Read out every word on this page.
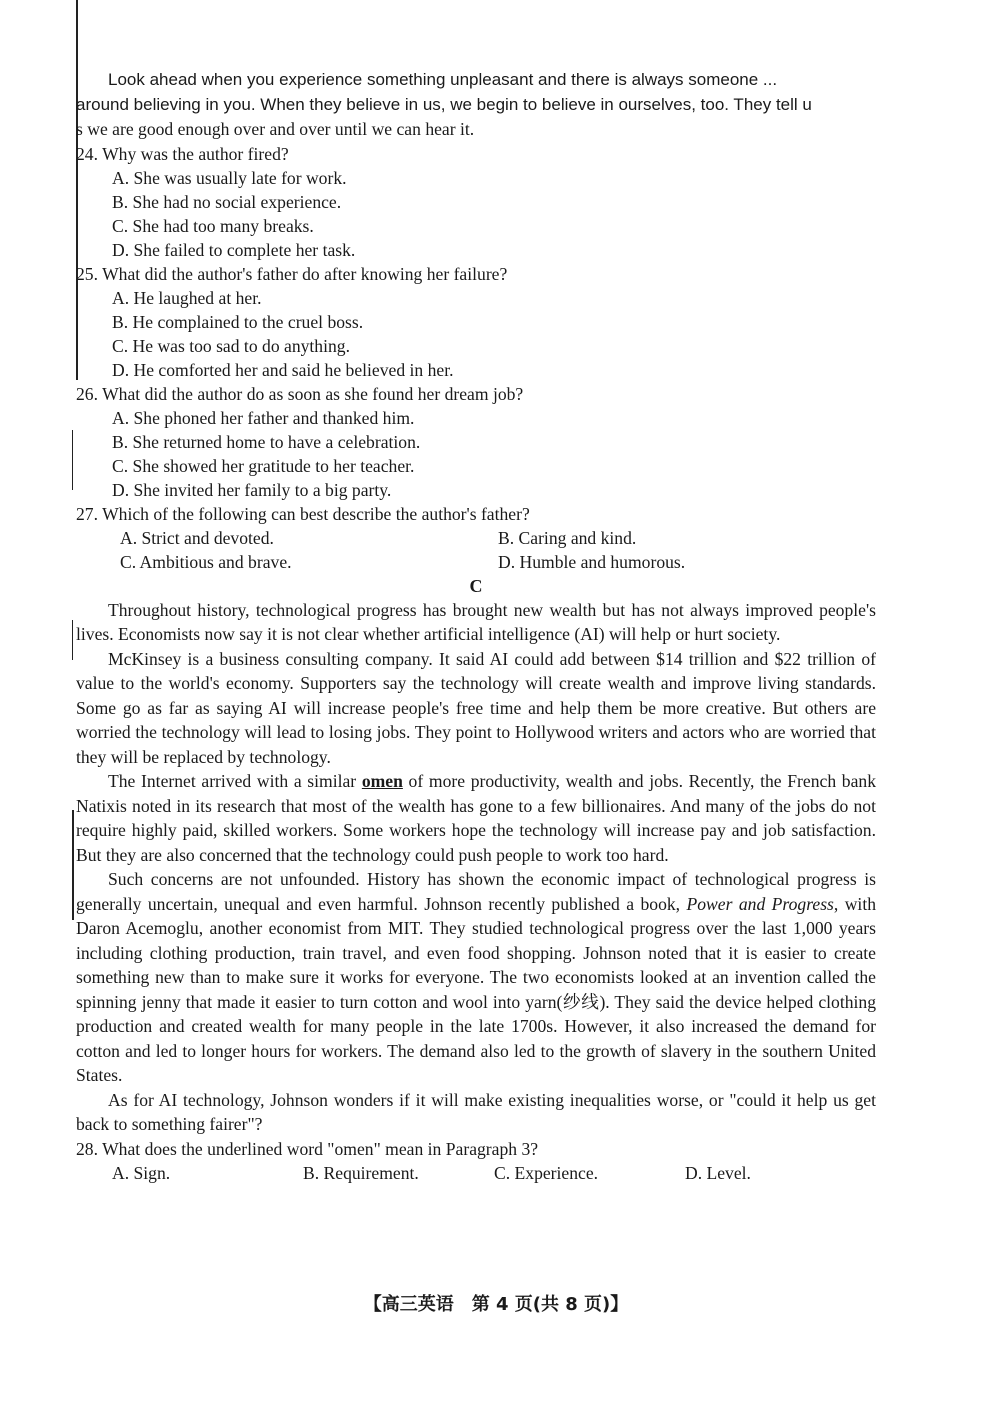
Look ahead when you experience something unpleasant and there is always someone ...

around believing in you. When they believe in us, we begin to believe in ourselves, too. They tell u

s we are good enough over and over until we can hear it.

24. Why was the author fired?

A. She was usually late for work.

B. She had no social experience.

C. She had too many breaks.

D. She failed to complete her task.

25. What did the author's father do after knowing her failure?

A. He laughed at her.

B. He complained to the cruel boss.

C. He was too sad to do anything.

D. He comforted her and said he believed in her.

26. What did the author do as soon as she found her dream job?

A. She phoned her father and thanked him.

B. She returned home to have a celebration.

C. She showed her gratitude to her teacher.

D. She invited her family to a big party.

27. Which of the following can best describe the author's father?

A. Strict and devoted.	B. Caring and kind.
C. Ambitious and brave.	D. Humble and humorous.

C

Throughout history, technological progress has brought new wealth but has not always improved people's lives. Economists now say it is not clear whether artificial intelligence (AI) will help or hurt society.

McKinsey is a business consulting company. It said AI could add between $14 trillion and $22 trillion of value to the world's economy. Supporters say the technology will create wealth and improve living standards. Some go as far as saying AI will increase people's free time and help them be more creative. But others are worried the technology will lead to losing jobs. They point to Hollywood writers and actors who are worried that they will be replaced by technology.

The Internet arrived with a similar omen of more productivity, wealth and jobs. Recently, the French bank Natixis noted in its research that most of the wealth has gone to a few billionaires. And many of the jobs do not require highly paid, skilled workers. Some workers hope the technology will increase pay and job satisfaction. But they are also concerned that the technology could push people to work too hard.

Such concerns are not unfounded. History has shown the economic impact of technological progress is generally uncertain, unequal and even harmful. Johnson recently published a book, Power and Progress, with Daron Acemoglu, another economist from MIT. They studied technological progress over the last 1,000 years including clothing production, train travel, and even food shopping. Johnson noted that it is easier to create something new than to make sure it works for everyone. The two economists looked at an invention called the spinning jenny that made it easier to turn cotton and wool into yarn(纱线). They said the device helped clothing production and created wealth for many people in the late 1700s. However, it also increased the demand for cotton and led to longer hours for workers. The demand also led to the growth of slavery in the southern United States.

As for AI technology, Johnson wonders if it will make existing inequalities worse, or "could it help us get back to something fairer"?

28. What does the underlined word "omen" mean in Paragraph 3?

A. Sign.	B. Requirement.	C. Experience.	D. Level.
【高三英语　第 4 页(共 8 页)】
